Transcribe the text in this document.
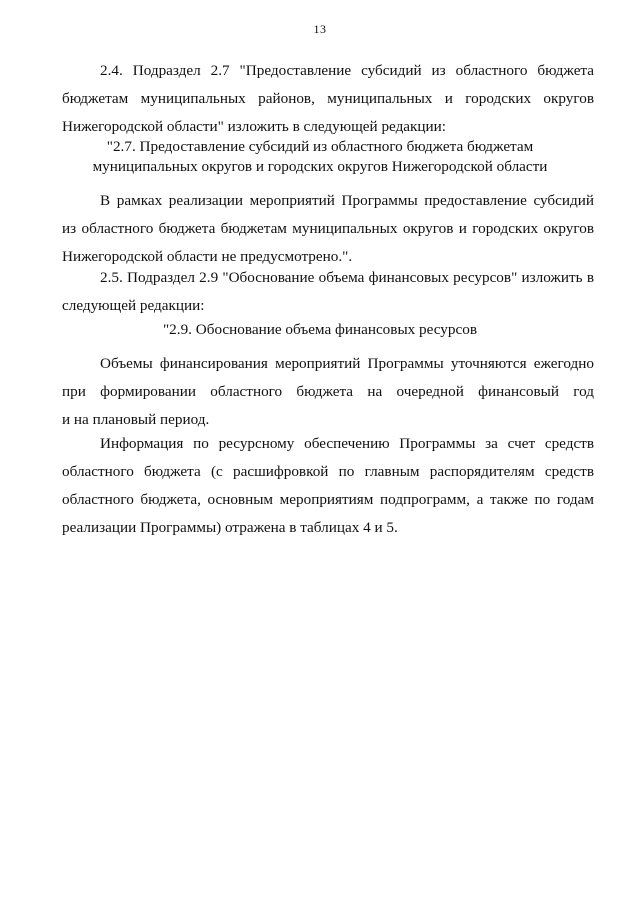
13
2.4. Подраздел 2.7 "Предоставление субсидий из областного бюджета
бюджетам муниципальных районов, муниципальных и городских округов
Нижегородской области" изложить в следующей редакции:
"2.7. Предоставление субсидий из областного бюджета бюджетам
муниципальных округов и городских округов Нижегородской области
В рамках реализации мероприятий Программы предоставление субсидий
из областного бюджета бюджетам муниципальных округов и городских округов
Нижегородской области не предусмотрено.".
2.5. Подраздел 2.9 "Обоснование объема финансовых ресурсов" изложить в
следующей редакции:
"2.9. Обоснование объема финансовых ресурсов
Объемы финансирования мероприятий Программы уточняются ежегодно
при формировании областного бюджета на очередной финансовый год
и на плановый период.
Информация по ресурсному обеспечению Программы за счет средств
областного бюджета (с расшифровкой по главным распорядителям средств
областного бюджета, основным мероприятиям подпрограмм, а также по годам
реализации Программы) отражена в таблицах 4 и 5.
